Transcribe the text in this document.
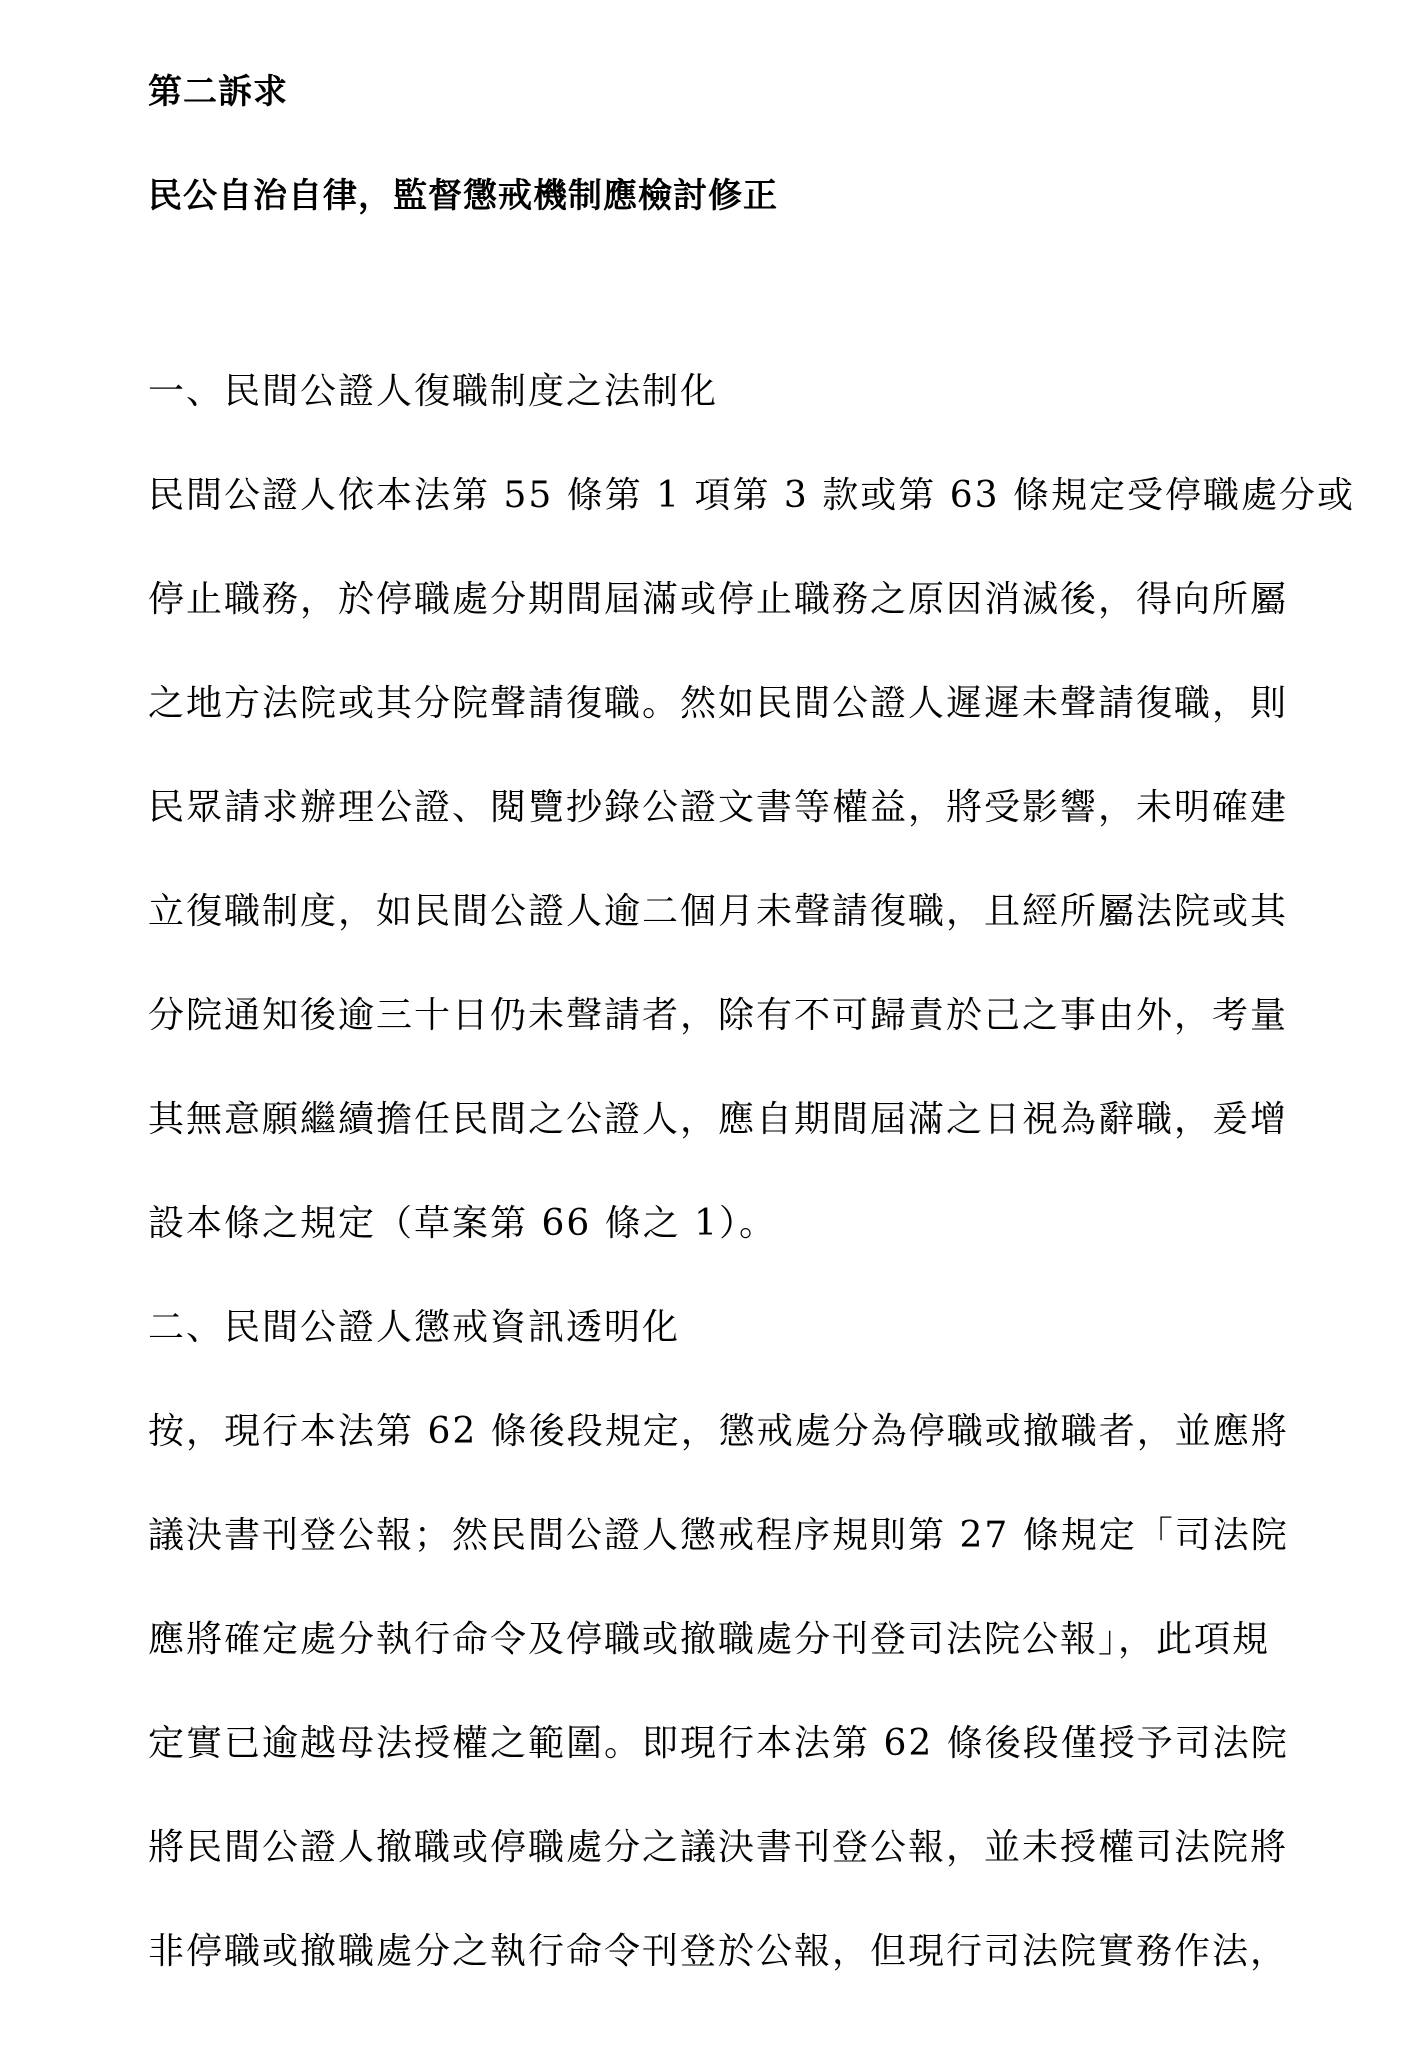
第二訴求
民公自治自律，監督懲戒機制應檢討修正
一、民間公證人復職制度之法制化
民間公證人依本法第 55 條第 1 項第 3 款或第 63 條規定受停職處分或
停止職務，於停職處分期間屆滿或停止職務之原因消滅後，得向所屬
之地方法院或其分院聲請復職。然如民間公證人遲遲未聲請復職，則
民眾請求辦理公證、閱覽抄錄公證文書等權益，將受影響，未明確建
立復職制度，如民間公證人逾二個月未聲請復職，且經所屬法院或其
分院通知後逾三十日仍未聲請者，除有不可歸責於己之事由外，考量
其無意願繼續擔任民間之公證人，應自期間屆滿之日視為辭職，爰增
設本條之規定（草案第 66 條之 1）。
二、民間公證人懲戒資訊透明化
按，現行本法第 62 條後段規定，懲戒處分為停職或撤職者，並應將
議決書刊登公報；然民間公證人懲戒程序規則第 27 條規定「司法院
應將確定處分執行命令及停職或撤職處分刊登司法院公報」，此項規
定實已逾越母法授權之範圍。即現行本法第 62 條後段僅授予司法院
將民間公證人撤職或停職處分之議決書刊登公報，並未授權司法院將
非停職或撤職處分之執行命令刊登於公報，但現行司法院實務作法，
